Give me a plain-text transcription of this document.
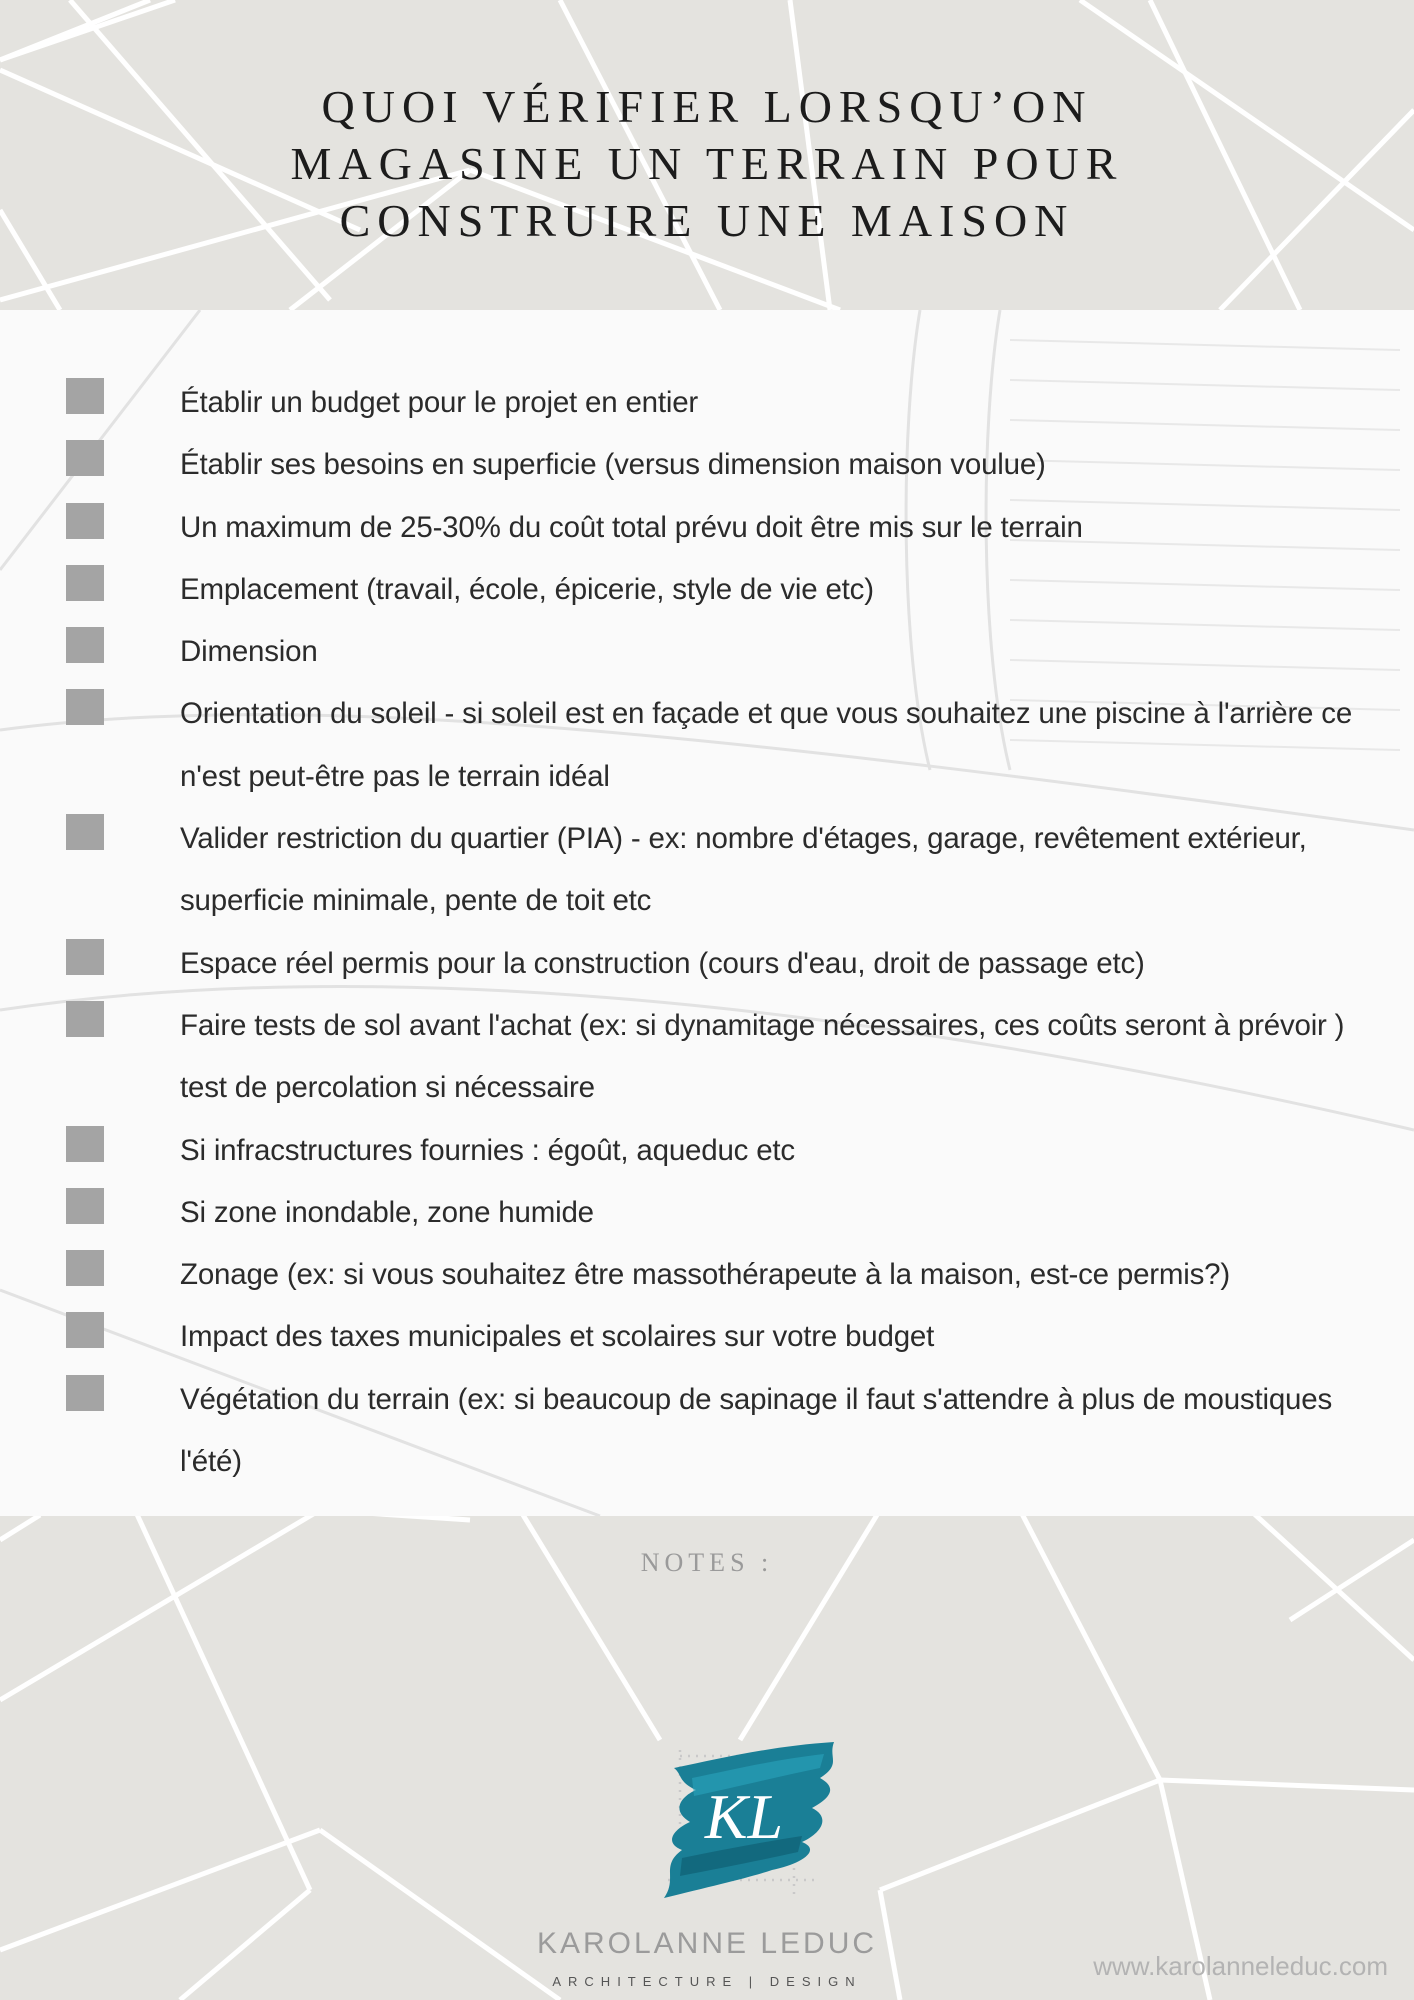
QUOI VÉRIFIER LORSQU’ON
MAGASINE UN TERRAIN POUR
CONSTRUIRE UNE MAISON
Établir un budget pour le projet en entier
Établir ses besoins en superficie (versus dimension maison voulue)
Un maximum de 25-30% du coût total prévu doit être mis sur le terrain
Emplacement (travail, école, épicerie, style de vie etc)
Dimension
Orientation du soleil - si soleil est en façade et que vous souhaitez une piscine à l'arrière ce n'est peut-être pas le terrain idéal
Valider restriction du quartier (PIA) - ex: nombre d'étages, garage, revêtement extérieur, superficie minimale, pente de toit etc
Espace réel permis pour la construction (cours d'eau, droit de passage etc)
Faire tests de sol avant l'achat (ex: si dynamitage nécessaires, ces coûts seront à prévoir ) test de percolation si nécessaire
Si infracstructures fournies : égoût, aqueduc etc
Si zone inondable, zone humide
Zonage (ex: si vous souhaitez être massothérapeute à la maison, est-ce permis?)
Impact des taxes municipales et scolaires sur votre budget
Végétation du terrain (ex: si beaucoup de sapinage il faut s'attendre à plus de moustiques l'été)
NOTES :
KL
KAROLANNE LEDUC
ARCHITECTURE | DESIGN
www.karolanneleduc.com
